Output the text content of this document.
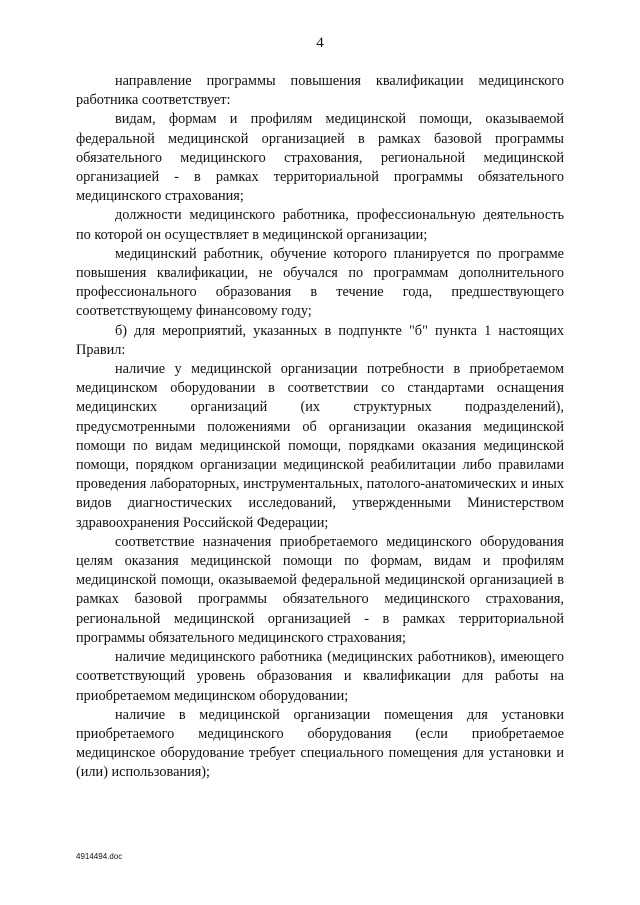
4

направление программы повышения квалификации медицинского работника соответствует:

видам, формам и профилям медицинской помощи, оказываемой федеральной медицинской организацией в рамках базовой программы обязательного медицинского страхования, региональной медицинской организацией - в рамках территориальной программы обязательного медицинского страхования;

должности медицинского работника, профессиональную деятельность по которой он осуществляет в медицинской организации;

медицинский работник, обучение которого планируется по программе повышения квалификации, не обучался по программам дополнительного профессионального образования в течение года, предшествующего соответствующему финансовому году;

б) для мероприятий, указанных в подпункте "б" пункта 1 настоящих Правил:

наличие у медицинской организации потребности в приобретаемом медицинском оборудовании в соответствии со стандартами оснащения медицинских организаций (их структурных подразделений), предусмотренными положениями об организации оказания медицинской помощи по видам медицинской помощи, порядками оказания медицинской помощи, порядком организации медицинской реабилитации либо правилами проведения лабораторных, инструментальных, патолого-анатомических и иных видов диагностических исследований, утвержденными Министерством здравоохранения Российской Федерации;

соответствие назначения приобретаемого медицинского оборудования целям оказания медицинской помощи по формам, видам и профилям медицинской помощи, оказываемой федеральной медицинской организацией в рамках базовой программы обязательного медицинского страхования, региональной медицинской организацией - в рамках территориальной программы обязательного медицинского страхования;

наличие медицинского работника (медицинских работников), имеющего соответствующий уровень образования и квалификации для работы на приобретаемом медицинском оборудовании;

наличие в медицинской организации помещения для установки приобретаемого медицинского оборудования (если приобретаемое медицинское оборудование требует специального помещения для установки и (или) использования);

4914494.doc
